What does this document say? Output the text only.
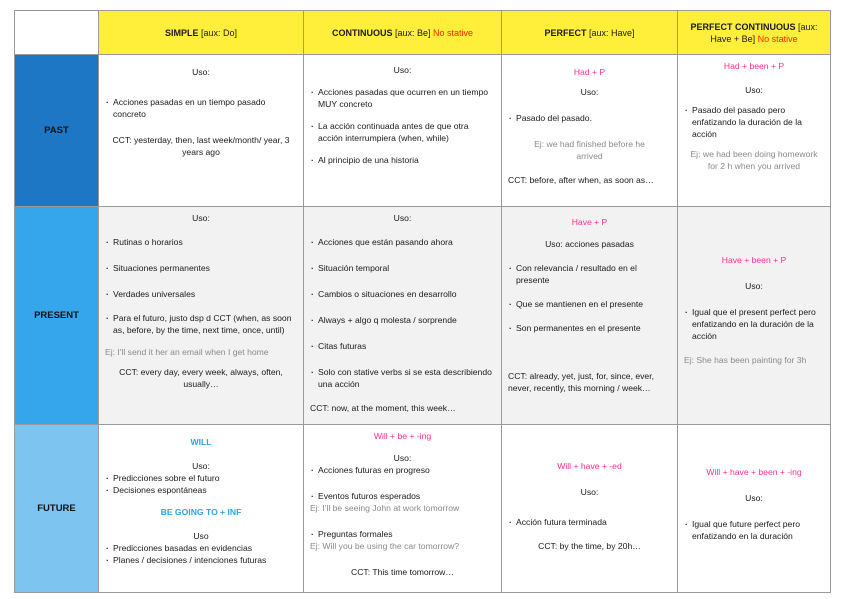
SIMPLE [aux: Do]	CONTINUOUS [aux: Be] No stative	PERFECT [aux: Have]
PERFECT CONTINUOUS [aux: Have + Be] No stative
PAST
Uso:
· Acciones pasadas en un tiempo pasado concreto
CCT: yesterday, then, last week/month/ year, 3 years ago
Uso:
· Acciones pasadas que ocurren en un tiempo MUY concreto
· La acción continuada antes de que otra acción interrumpiera (when, while)
· Al principio de una historia
Had + P
Uso:
· Pasado del pasado.
Ej: we had finished before he arrived
CCT: before, after when, as soon as…
Had + been + P
Uso:
· Pasado del pasado pero enfatizando la duración de la acción
Ej: we had been doing homework
for 2 h when you arrived
PRESENT
Uso:
· Rutinas o horarios
· Situaciones permanentes
· Verdades universales
· Para el futuro, justo dsp d CCT (when, as soon as, before, by the time, next time, once, until)
Ej: I'll send it her an email when I get home
CCT: every day, every week, always, often, usually…
Uso:
· Acciones que están pasando ahora
· Situación temporal
· Cambios o situaciones en desarrollo
· Always + algo q molesta / sorprende
· Citas futuras
· Solo con stative verbs si se esta describiendo una acción
CCT: now, at the moment, this week…
Have + P
Uso: acciones pasadas
· Con relevancia / resultado en el presente
· Que se mantienen en el presente
· Son permanentes en el presente
CCT: already, yet, just, for, since, ever, never, recently, this morning / week…
Have + been + P
Uso:
· Igual que el present perfect pero enfatizando en la duración de la acción
Ej: She has been painting for 3h
FUTURE
WILL
Uso:
· Predicciones sobre el futuro
· Decisiones espontáneas
BE GOING TO + INF
Uso
· Predicciones basadas en evidencias
· Planes / decisiones / intenciones futuras
Will + be + -ing
Uso:
· Acciones futuras en progreso
· Eventos futuros esperados
Ej: I'll be seeing John at work tomorrow
· Preguntas formales
Ej: Will you be using the car tomorrow?
CCT: This time tomorrow…
Will + have + -ed
Uso:
· Acción futura terminada
CCT: by the time, by 20h…
Will + have + been + -ing
Uso:
· Igual que future perfect pero enfatizando en la duración
